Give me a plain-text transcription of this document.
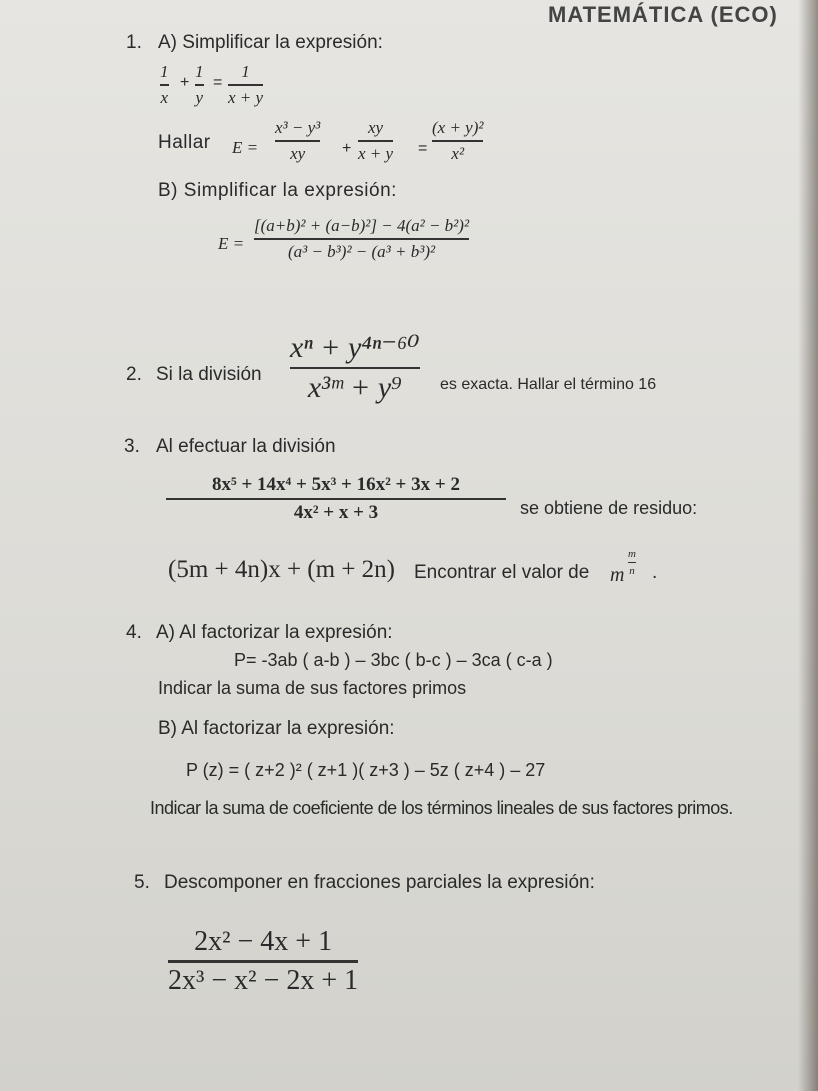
MATEMÁTICA (ECO)
1. A) Simplificar la expresión:
1
x
+
1
y
=
1
x + y
Hallar E =
x³ − y³
xy +
xy
x + y =
(x + y)²
x²
B) Simplificar la expresión:
E =
[(a+b)² + (a−b)²] − 4(a² − b²)²
(a³ − b³)² − (a³ + b³)²
2. Si la división
xⁿ + y⁴ⁿ⁻⁶⁰
x³ᵐ + y⁹ es exacta. Hallar el término 16
3. Al efectuar la división
8x⁵ + 14x⁴ + 5x³ + 16x² + 3x + 2
4x² + x + 3	se obtiene de residuo:
(5m + 4n)x + (m + 2n) Encontrar el valor de m
m
n .
4. A) Al factorizar la expresión:
P= -3ab ( a-b ) – 3bc ( b-c ) – 3ca ( c-a )
Indicar la suma de sus factores primos
B) Al factorizar la expresión:
P (z) = ( z+2 )² ( z+1 )( z+3 ) – 5z ( z+4 ) – 27
Indicar la suma de coeficiente de los términos lineales de sus factores primos.
5. Descomponer en fracciones parciales la expresión:
2x² − 4x + 1
2x³ − x² − 2x + 1
